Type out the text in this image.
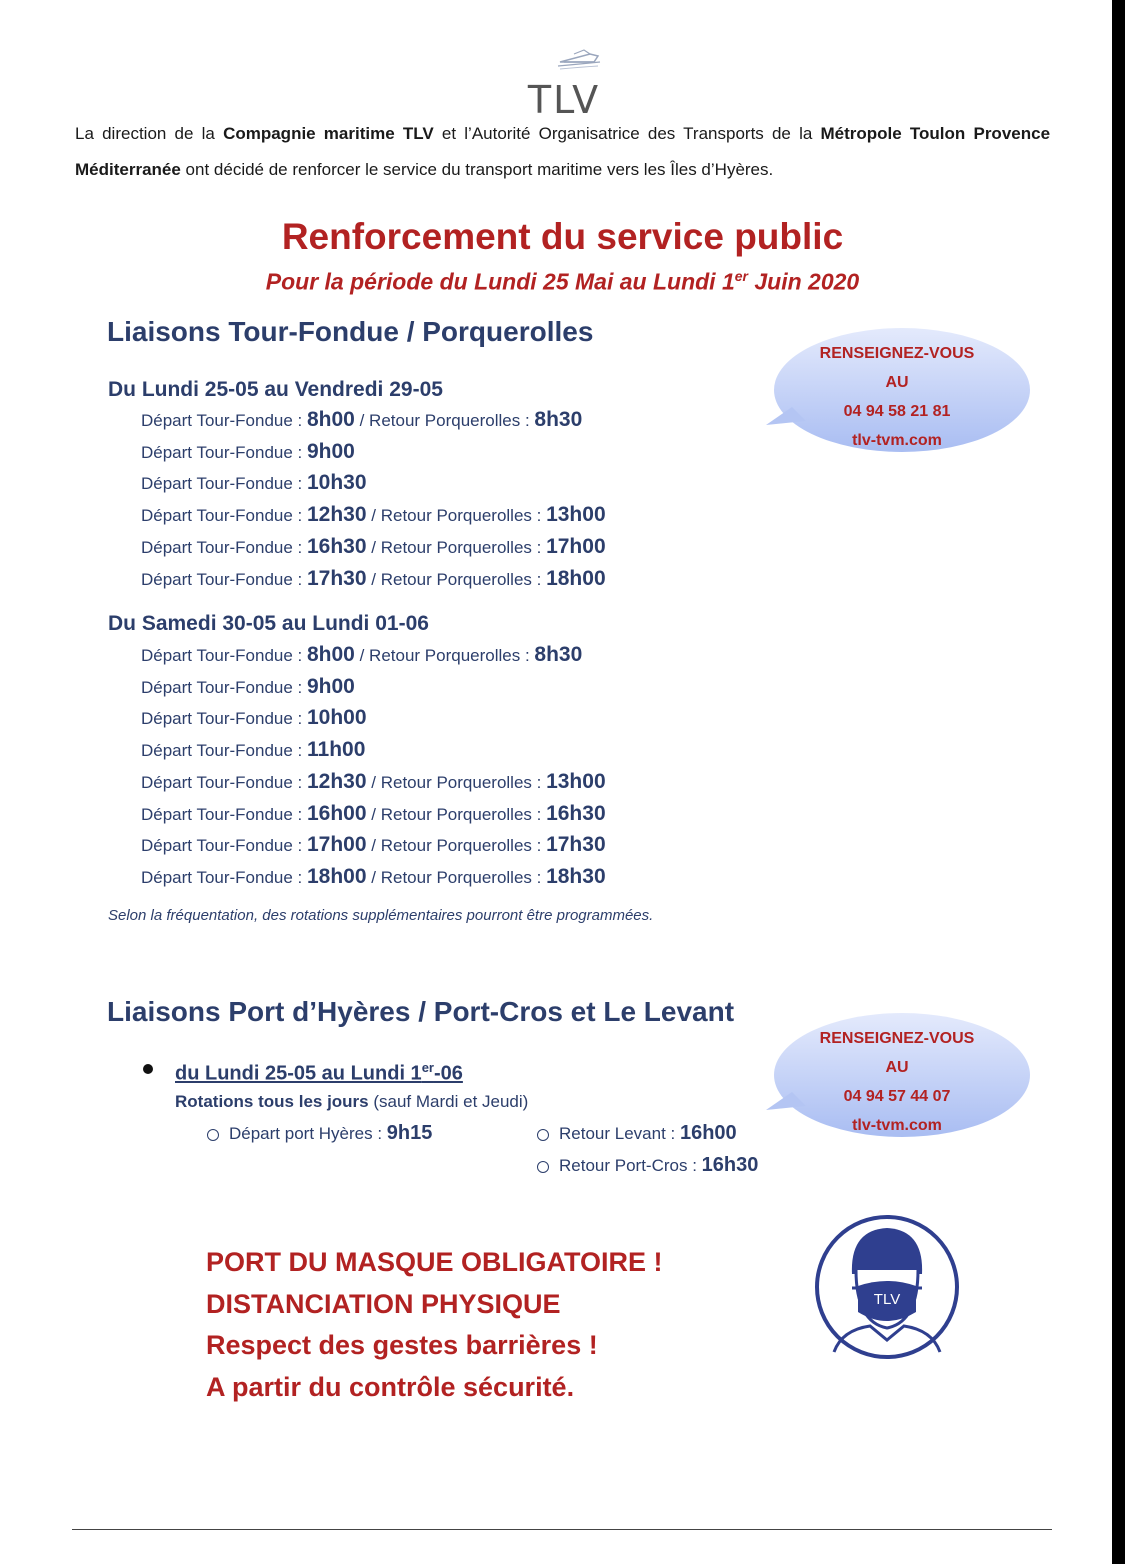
TLV
La direction de la Compagnie maritime TLV et l’Autorité Organisatrice des Transports de la Métropole Toulon Provence Méditerranée ont décidé de renforcer le service du transport maritime vers les Îles d’Hyères.
Renforcement du service public
Pour la période du Lundi 25 Mai au Lundi 1er Juin 2020
Liaisons Tour-Fondue / Porquerolles
RENSEIGNEZ-VOUS
AU
04 94 58 21 81
tlv-tvm.com
Du Lundi 25-05 au Vendredi 29-05
Départ Tour-Fondue : 8h00 / Retour Porquerolles : 8h30
Départ Tour-Fondue : 9h00
Départ Tour-Fondue : 10h30
Départ Tour-Fondue : 12h30 / Retour Porquerolles : 13h00
Départ Tour-Fondue : 16h30 / Retour Porquerolles : 17h00
Départ Tour-Fondue : 17h30 / Retour Porquerolles : 18h00
Du Samedi 30-05 au Lundi 01-06
Départ Tour-Fondue : 8h00 / Retour Porquerolles : 8h30
Départ Tour-Fondue : 9h00
Départ Tour-Fondue : 10h00
Départ Tour-Fondue : 11h00
Départ Tour-Fondue : 12h30 / Retour Porquerolles : 13h00
Départ Tour-Fondue : 16h00 / Retour Porquerolles : 16h30
Départ Tour-Fondue : 17h00 / Retour Porquerolles : 17h30
Départ Tour-Fondue : 18h00 / Retour Porquerolles : 18h30
Selon la fréquentation, des rotations supplémentaires pourront être programmées.
Liaisons Port d’Hyères / Port-Cros et Le Levant
RENSEIGNEZ-VOUS
AU
04 94 57 44 07
tlv-tvm.com
du Lundi 25-05 au Lundi 1er-06
Rotations tous les jours (sauf Mardi et Jeudi)
Départ port Hyères : 9h15	Retour Levant : 16h00
Retour Port-Cros : 16h30
PORT DU MASQUE OBLIGATOIRE !
DISTANCIATION PHYSIQUE
Respect des gestes barrières !
A partir du contrôle sécurité.
TLV
